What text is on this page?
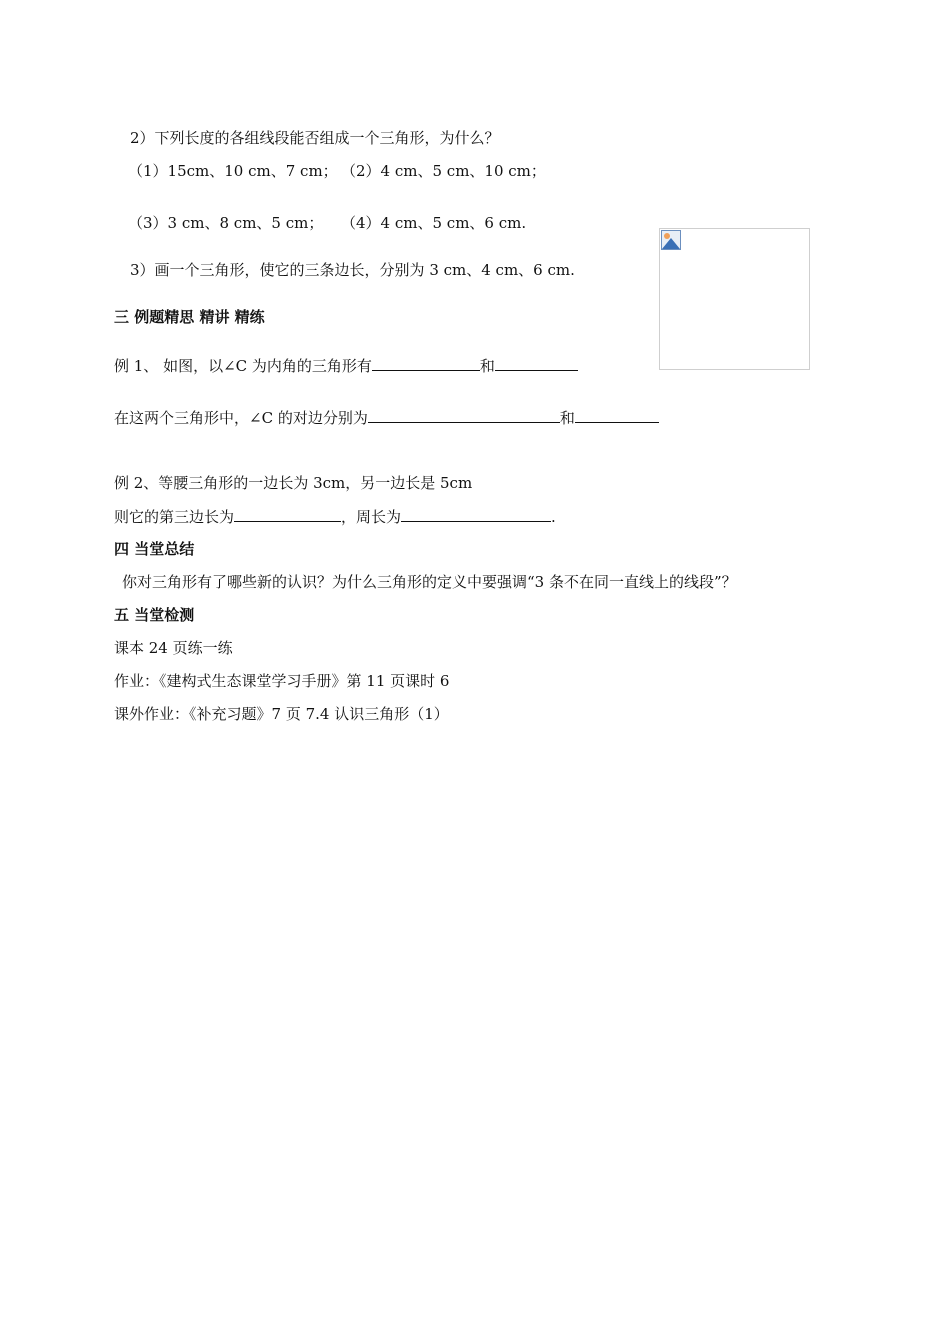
2）下列长度的各组线段能否组成一个三角形，为什么？
（1）15cm、10 cm、7 cm； （2）4 cm、5 cm、10 cm；
（3）3 cm、8 cm、5 cm； （4）4 cm、5 cm、6 cm.
3）画一个三角形，使它的三条边长，分别为 3 cm、4 cm、6 cm.
三 例题精思 精讲 精练
例 1、 如图，以∠C 为内角的三角形有	和
在这两个三角形中，∠C 的对边分别为	和
例 2、等腰三角形的一边长为 3cm，另一边长是 5cm
则它的第三边长为	，周长为	.
四 当堂总结
你对三角形有了哪些新的认识？为什么三角形的定义中要强调“3 条不在同一直线上的线段”？
五 当堂检测
课本 24 页练一练
作业：《建构式生态课堂学习手册》第 11 页课时 6
课外作业：《补充习题》7 页 7.4 认识三角形（1）
